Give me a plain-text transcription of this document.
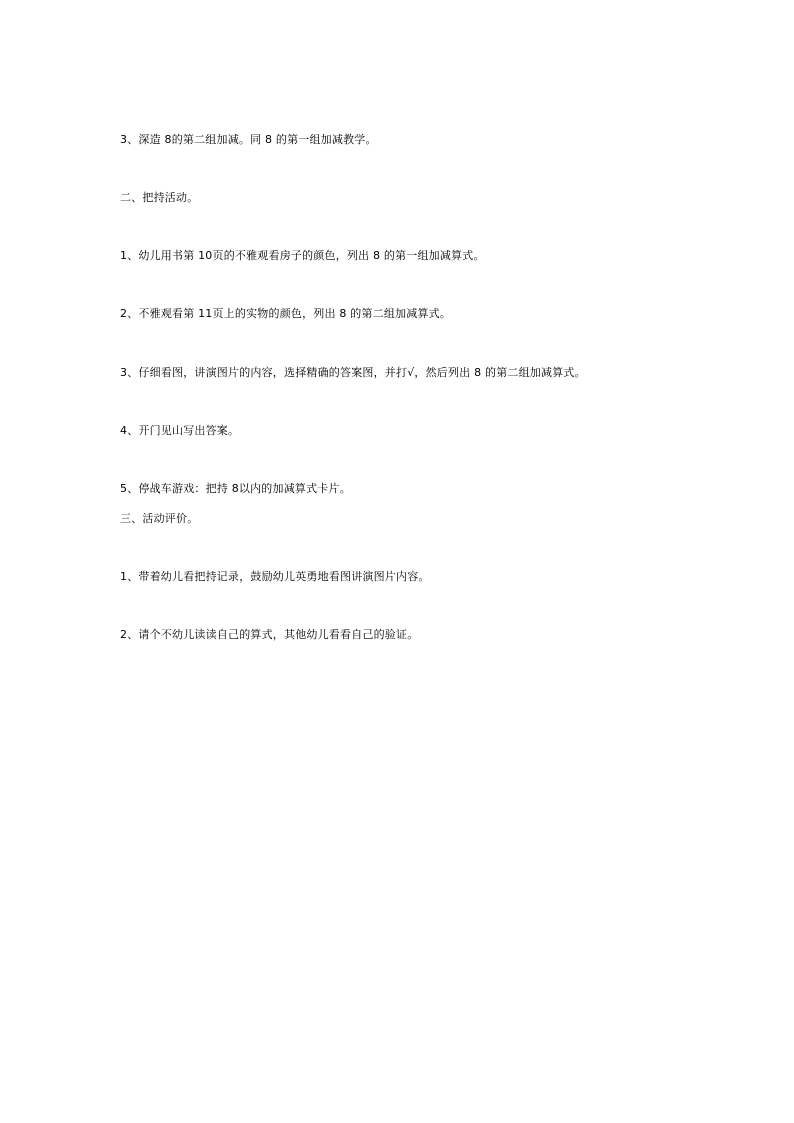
3、深造 8的第二组加减。同 8 的第一组加减教学。
二、把持活动。
1、幼儿用书第 10页的不雅观看房子的颜色，列出 8 的第一组加减算式。
2、不雅观看第 11页上的实物的颜色，列出 8 的第二组加减算式。
3、仔细看图，讲演图片的内容，选择精确的答案图，并打√，然后列出 8 的第二组加减算式。
4、开门见山写出答案。
5、停战车游戏：把持 8以内的加减算式卡片。
三、活动评价。
1、带着幼儿看把持记录，鼓励幼儿英勇地看图讲演图片内容。
2、请个不幼儿读读自己的算式，其他幼儿看看自己的验证。
